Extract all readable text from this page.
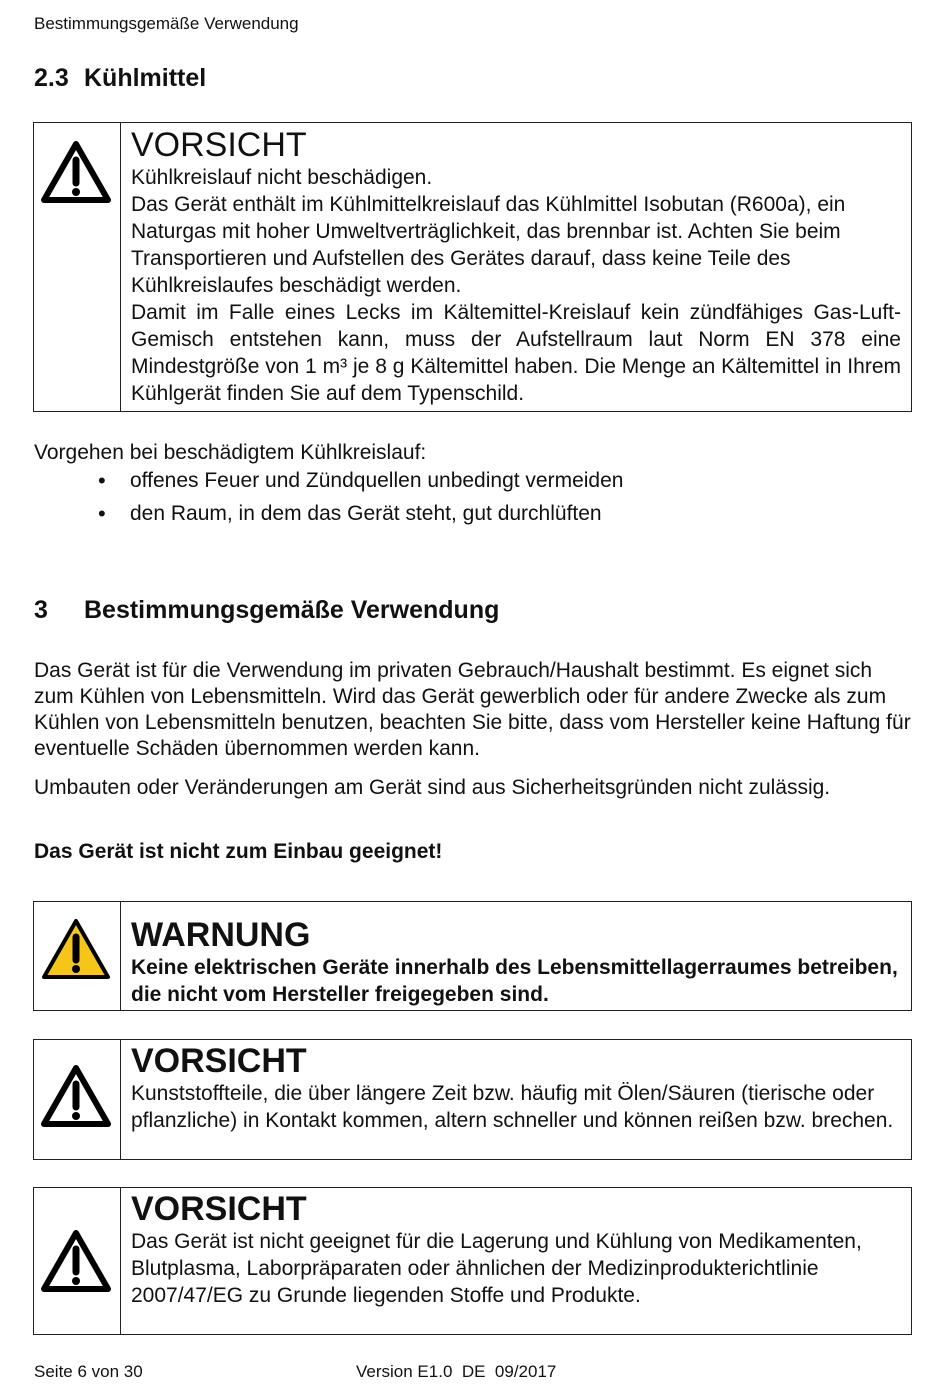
Bestimmungsgemäße Verwendung
2.3 Kühlmittel
VORSICHT

Kühlkreislauf nicht beschädigen.

Das Gerät enthält im Kühlmittelkreislauf das Kühlmittel Isobutan (R600a), ein Naturgas mit hoher Umweltverträglichkeit, das brennbar ist. Achten Sie beim Transportieren und Aufstellen des Gerätes darauf, dass keine Teile des Kühlkreislaufes beschädigt werden.

Damit im Falle eines Lecks im Kältemittel-Kreislauf kein zündfähiges Gas-Luft-Gemisch entstehen kann, muss der Aufstellraum laut Norm EN 378 eine Mindestgröße von 1 m³ je 8 g Kältemittel haben. Die Menge an Kältemittel in Ihrem Kühlgerät finden Sie auf dem Typenschild.

Vorgehen bei beschädigtem Kühlkreislauf:
• offenes Feuer und Zündquellen unbedingt vermeiden
• den Raum, in dem das Gerät steht, gut durchlüften
3 Bestimmungsgemäße Verwendung

Das Gerät ist für die Verwendung im privaten Gebrauch/Haushalt bestimmt. Es eignet sich zum Kühlen von Lebensmitteln. Wird das Gerät gewerblich oder für andere Zwecke als zum Kühlen von Lebensmitteln benutzen, beachten Sie bitte, dass vom Hersteller keine Haftung für eventuelle Schäden übernommen werden kann.

Umbauten oder Veränderungen am Gerät sind aus Sicherheitsgründen nicht zulässig.

Das Gerät ist nicht zum Einbau geeignet!
WARNUNG

Keine elektrischen Geräte innerhalb des Lebensmittellagerraumes betreiben, die nicht vom Hersteller freigegeben sind.

VORSICHT

Kunststoffteile, die über längere Zeit bzw. häufig mit Ölen/Säuren (tierische oder pflanzliche) in Kontakt kommen, altern schneller und können reißen bzw. brechen.

VORSICHT

Das Gerät ist nicht geeignet für die Lagerung und Kühlung von Medikamenten, Blutplasma, Laborpräparaten oder ähnlichen der Medizinprodukterichtlinie 2007/47/EG zu Grunde liegenden Stoffe und Produkte.

Seite 6 von 30	Version E1.0  DE  09/2017
